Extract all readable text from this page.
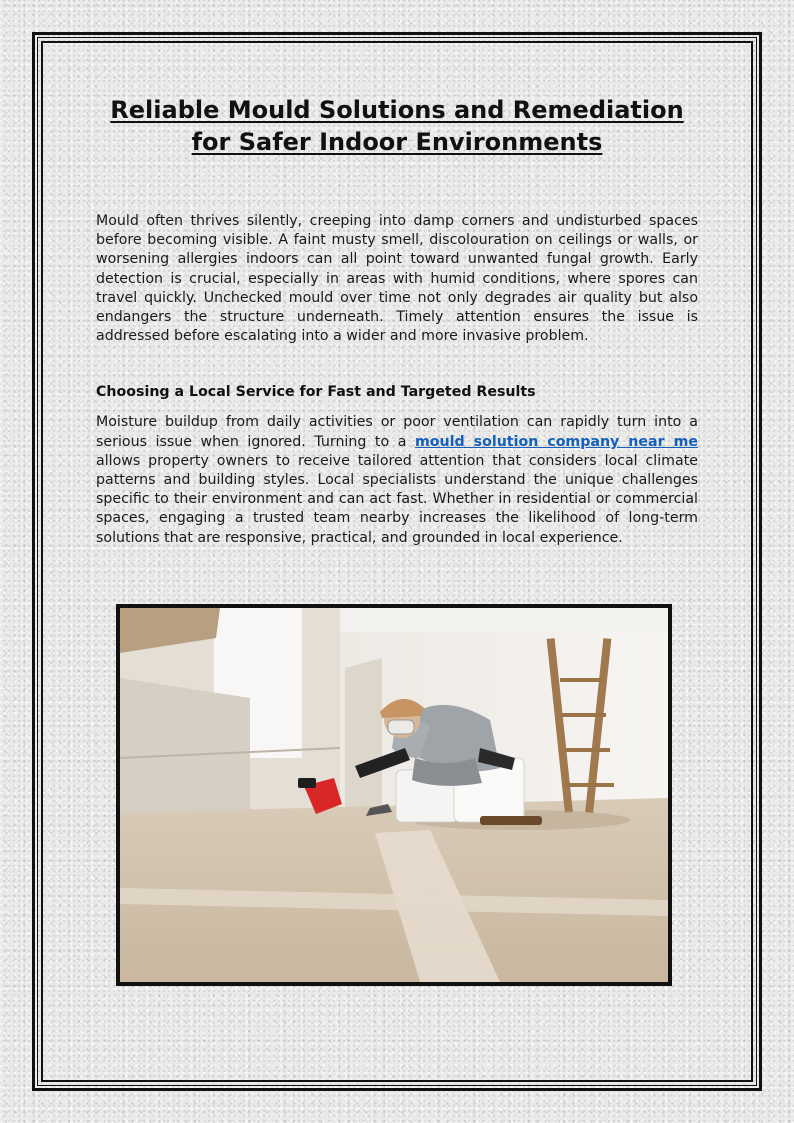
Reliable Mould Solutions and Remediation
for Safer Indoor Environments

Mould often thrives silently, creeping into damp corners and undisturbed spaces before becoming visible. A faint musty smell, discolouration on ceilings or walls, or worsening allergies indoors can all point toward unwanted fungal growth. Early detection is crucial, especially in areas with humid conditions, where spores can travel quickly. Unchecked mould over time not only degrades air quality but also endangers the structure underneath. Timely attention ensures the issue is addressed before escalating into a wider and more invasive problem.

Choosing a Local Service for Fast and Targeted Results

Moisture buildup from daily activities or poor ventilation can rapidly turn into a serious issue when ignored. Turning to a mould solution company near me allows property owners to receive tailored attention that considers local climate patterns and building styles. Local specialists understand the unique challenges specific to their environment and can act fast. Whether in residential or commercial spaces, engaging a trusted team nearby increases the likelihood of long-term solutions that are responsive, practical, and grounded in local experience.
